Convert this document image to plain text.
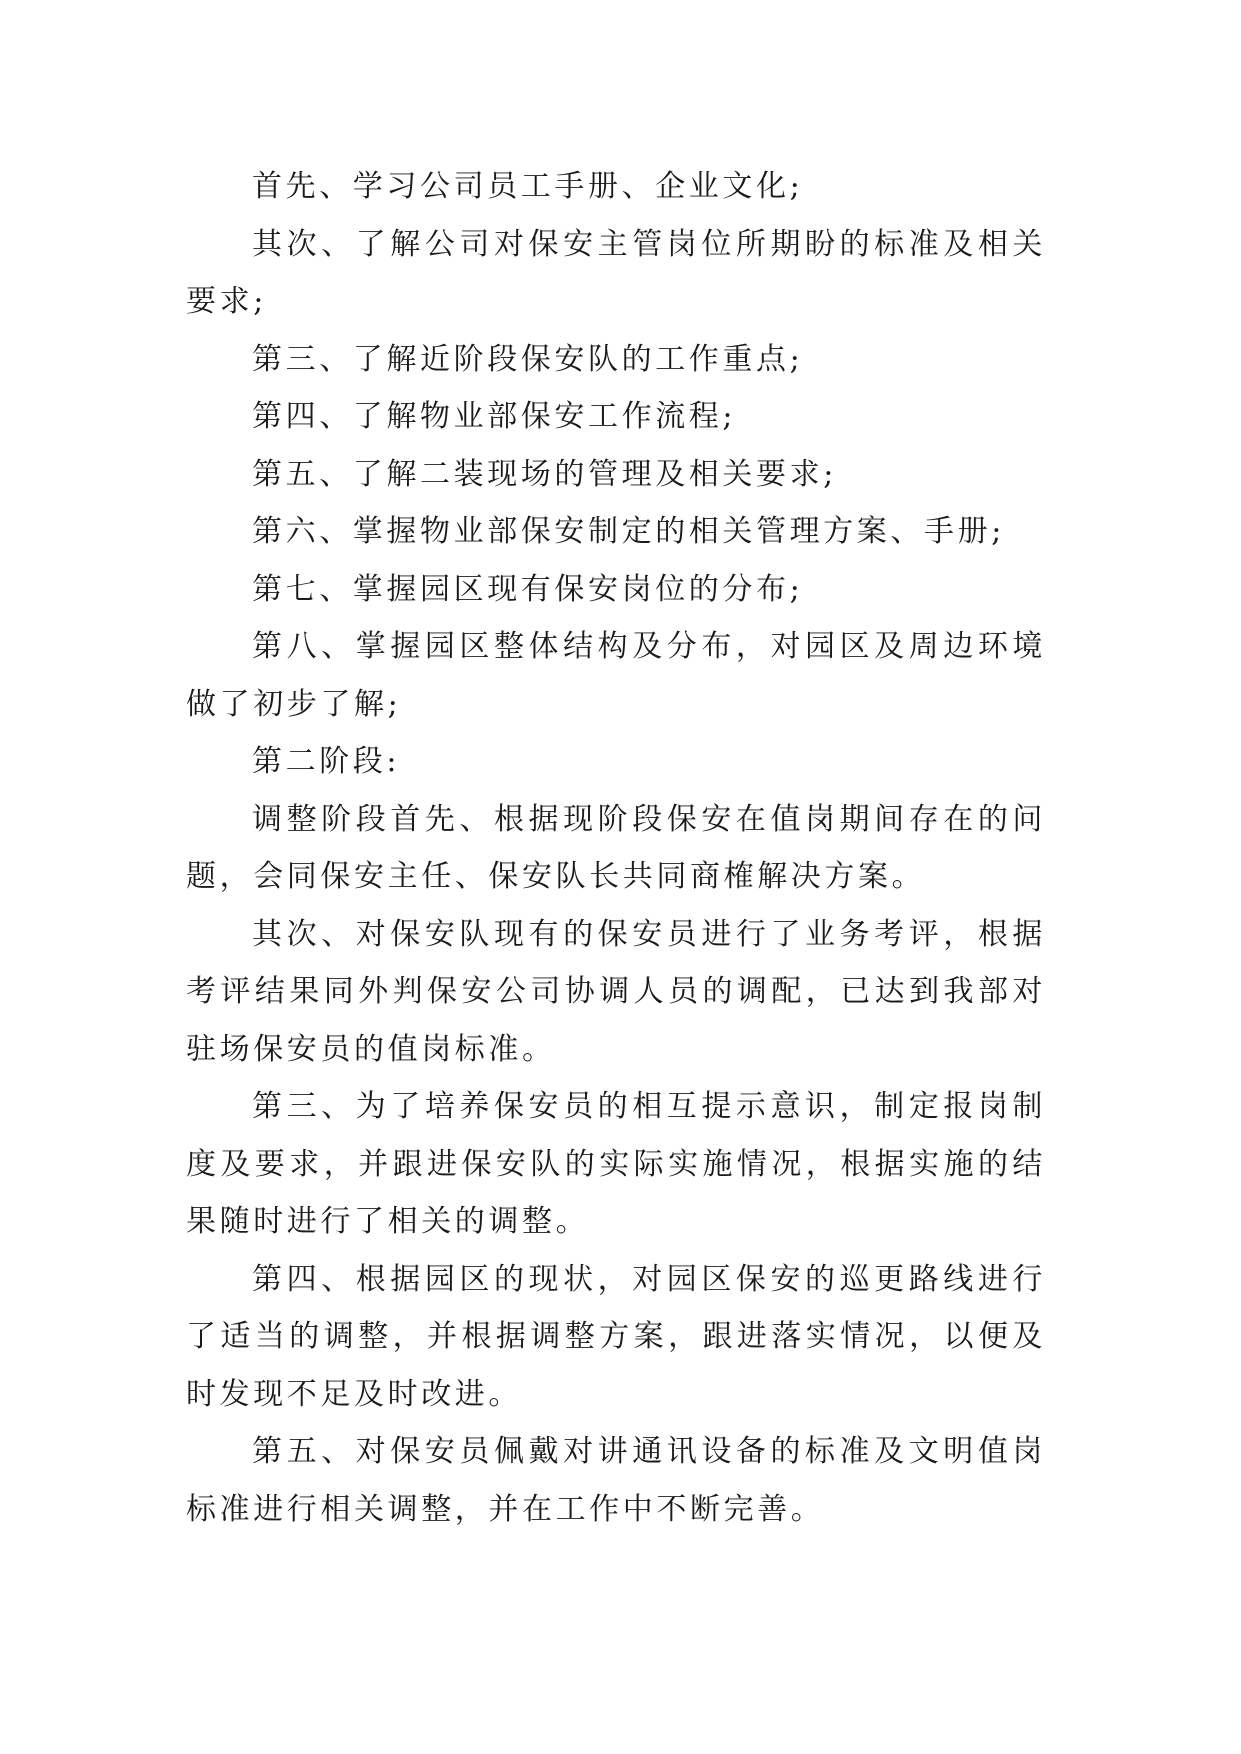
首先、学习公司员工手册、企业文化;

其次、了解公司对保安主管岗位所期盼的标准及相关要求;

第三、了解近阶段保安队的工作重点;

第四、了解物业部保安工作流程;

第五、了解二装现场的管理及相关要求;

第六、掌握物业部保安制定的相关管理方案、手册;

第七、掌握园区现有保安岗位的分布;

第八、掌握园区整体结构及分布，对园区及周边环境做了初步了解;

第二阶段:

调整阶段首先、根据现阶段保安在值岗期间存在的问题，会同保安主任、保安队长共同商榷解决方案。

其次、对保安队现有的保安员进行了业务考评，根据考评结果同外判保安公司协调人员的调配，已达到我部对驻场保安员的值岗标准。

第三、为了培养保安员的相互提示意识，制定报岗制度及要求，并跟进保安队的实际实施情况，根据实施的结果随时进行了相关的调整。

第四、根据园区的现状，对园区保安的巡更路线进行了适当的调整，并根据调整方案，跟进落实情况，以便及时发现不足及时改进。

第五、对保安员佩戴对讲通讯设备的标准及文明值岗标准进行相关调整，并在工作中不断完善。
